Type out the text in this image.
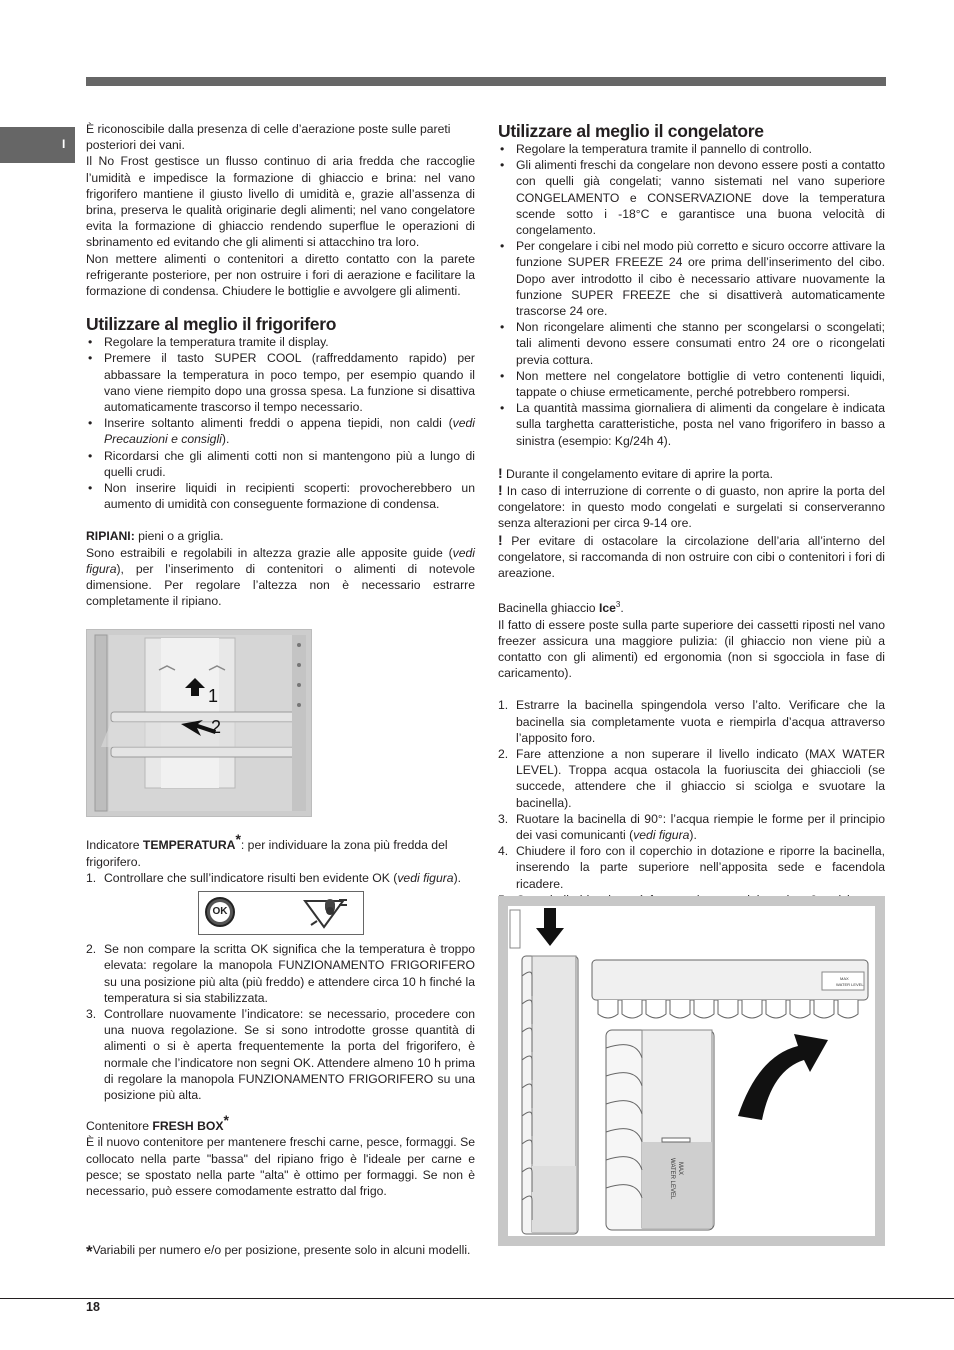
I

È riconoscibile dalla presenza di celle d’aerazione poste sulle pareti posteriori dei vani.

Il No Frost gestisce un flusso continuo di aria fredda che raccoglie l’umidità e impedisce la formazione di ghiaccio e brina: nel vano frigorifero mantiene il giusto livello di umidità e, grazie all’assenza di brina, preserva le qualità originarie degli alimenti; nel vano congelatore evita la formazione di ghiaccio rendendo superflue le operazioni di sbrinamento ed evitando che gli alimenti si attacchino tra loro.

Non mettere alimenti o contenitori a diretto contatto con la parete refrigerante posteriore, per non ostruire i fori di aerazione e facilitare la formazione di condensa. Chiudere le bottiglie e avvolgere gli alimenti.

Utilizzare al meglio il frigorifero
• Regolare la temperatura tramite il display.
• Premere il tasto SUPER COOL (raffreddamento rapido) per abbassare la temperatura in poco tempo, per esempio quando il vano viene riempito dopo una grossa spesa. La funzione si disattiva automaticamente trascorso il tempo necessario.
• Inserire soltanto alimenti freddi o appena tiepidi, non caldi (vedi Precauzioni e consigli).
• Ricordarsi che gli alimenti cotti non si mantengono più a lungo di quelli crudi.
• Non inserire liquidi in recipienti scoperti: provocherebbero un aumento di umidità con conseguente formazione di condensa.

RIPIANI: pieni o a griglia.

Sono estraibili e regolabili in altezza grazie alle apposite guide (vedi figura), per l’inserimento di contenitori o alimenti di notevole dimensione. Per regolare l’altezza non è necessario estrarre completamente il ripiano.

1
2

Indicatore TEMPERATURA*: per individuare la zona più fredda del frigorifero.

1. Controllare che sull’indicatore risulti ben evidente OK (vedi figura).
OK
2. Se non compare la scritta OK significa che la temperatura è troppo elevata: regolare la manopola FUNZIONAMENTO FRIGORIFERO su una posizione più alta (più freddo) e attendere circa 10 h finché la temperatura si sia stabilizzata.
3. Controllare nuovamente l’indicatore: se necessario, procedere con una nuova regolazione. Se si sono introdotte grosse quantità di alimenti o si è aperta frequentemente la porta del frigorifero, è normale che l’indicatore non segni OK. Attendere almeno 10 h prima di regolare la manopola FUNZIONAMENTO FRIGORIFERO su una posizione più alta.

Contenitore FRESH BOX*

È il nuovo contenitore per mantenere freschi carne, pesce, formaggi. Se collocato nella parte "bassa" del ripiano frigo è l'ideale per carne e pesce; se spostato nella parte "alta" è ottimo per formaggi. Se non è necessario, può essere comodamente estratto dal frigo.

*Variabili per numero e/o per posizione, presente solo in alcuni modelli.
Utilizzare al meglio il congelatore
• Regolare la temperatura tramite il pannello di controllo.
• Gli alimenti freschi da congelare non devono essere posti a contatto con quelli già congelati; vanno sistemati nel vano superiore CONGELAMENTO e CONSERVAZIONE dove la temperatura scende sotto i -18°C e garantisce una buona velocità di congelamento.
• Per congelare i cibi nel modo più corretto e sicuro occorre attivare la funzione SUPER FREEZE 24 ore prima dell’inserimento del cibo. Dopo aver introdotto il cibo è necessario attivare nuovamente la funzione SUPER FREEZE che si disattiverà automaticamente trascorse 24 ore.
• Non ricongelare alimenti che stanno per scongelarsi o scongelati; tali alimenti devono essere consumati entro 24 ore o ricongelati previa cottura.
• Non mettere nel congelatore bottiglie di vetro contenenti liquidi, tappate o chiuse ermeticamente, perché potrebbero rompersi.
• La quantità massima giornaliera di alimenti da congelare è indicata sulla targhetta caratteristiche, posta nel vano frigorifero in basso a sinistra (esempio: Kg/24h 4).

! Durante il congelamento evitare di aprire la porta.

! In caso di interruzione di corrente o di guasto, non aprire la porta del congelatore: in questo modo congelati e surgelati si conserveranno senza alterazioni per circa 9-14 ore.

! Per evitare di ostacolare la circolazione dell’aria all’interno del congelatore, si raccomanda di non ostruire con cibi o contenitori i fori di areazione.

Bacinella ghiaccio Ice$^3$.

Il fatto di essere poste sulla parte superiore dei cassetti riposti nel vano freezer assicura una maggiore pulizia: (il ghiaccio non viene più a contatto con gli alimenti) ed ergonomia (non si sgocciola in fase di caricamento).

1. Estrarre la bacinella spingendola verso l’alto. Verificare che la bacinella sia completamente vuota e riempirla d’acqua attraverso l’apposito foro.
2. Fare attenzione a non superare il livello indicato (MAX WATER LEVEL). Troppa acqua ostacola la fuoriuscita dei ghiaccioli (se succede, attendere che il ghiaccio si sciolga e svuotare la bacinella).
3. Ruotare la bacinella di 90°: l’acqua riempie le forme per il principio dei vasi comunicanti (vedi figura).
4. Chiudere il foro con il coperchio in dotazione e riporre la bacinella, inserendo la parte superiore nell’apposita sede e facendola ricadere.
MAX
WATER LEVEL
MAX
WATER LEVEL
18
